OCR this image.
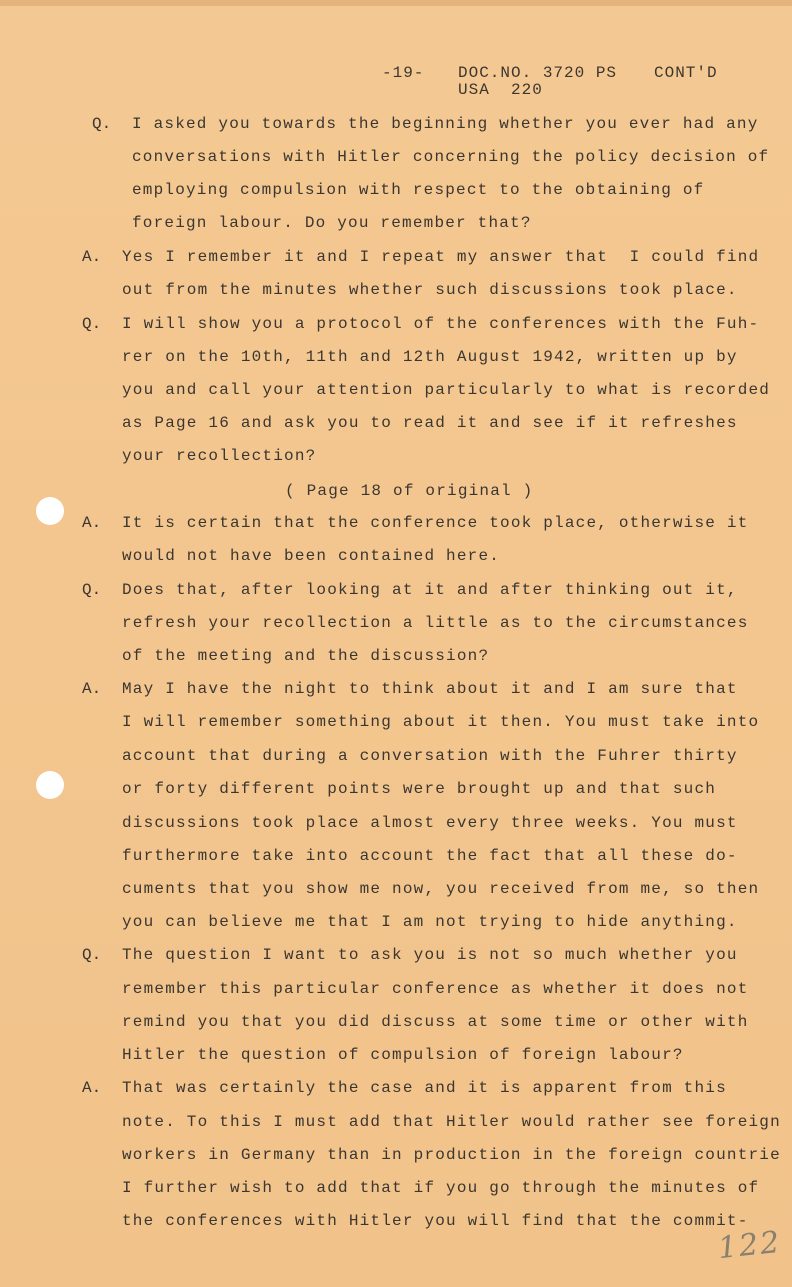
-19- DOC.NO. 3720 PS CONT'D
USA  220
Q. I asked you towards the beginning whether you ever had any
conversations with Hitler concerning the policy decision of
employing compulsion with respect to the obtaining of
foreign labour. Do you remember that?
A. Yes I remember it and I repeat my answer that  I could find
out from the minutes whether such discussions took place.
Q. I will show you a protocol of the conferences with the Fuh-
rer on the 10th, 11th and 12th August 1942, written up by
you and call your attention particularly to what is recorded
as Page 16 and ask you to read it and see if it refreshes
your recollection?
( Page 18 of original )
A. It is certain that the conference took place, otherwise it
would not have been contained here.
Q. Does that, after looking at it and after thinking out it,
refresh your recollection a little as to the circumstances
of the meeting and the discussion?
A. May I have the night to think about it and I am sure that
I will remember something about it then. You must take into
account that during a conversation with the Fuhrer thirty
or forty different points were brought up and that such
discussions took place almost every three weeks. You must
furthermore take into account the fact that all these do-
cuments that you show me now, you received from me, so then
you can believe me that I am not trying to hide anything.
Q. The question I want to ask you is not so much whether you
remember this particular conference as whether it does not
remind you that you did discuss at some time or other with
Hitler the question of compulsion of foreign labour?
A. That was certainly the case and it is apparent from this
note. To this I must add that Hitler would rather see foreign
workers in Germany than in production in the foreign countrie
I further wish to add that if you go through the minutes of
the conferences with Hitler you will find that the commit-
122
